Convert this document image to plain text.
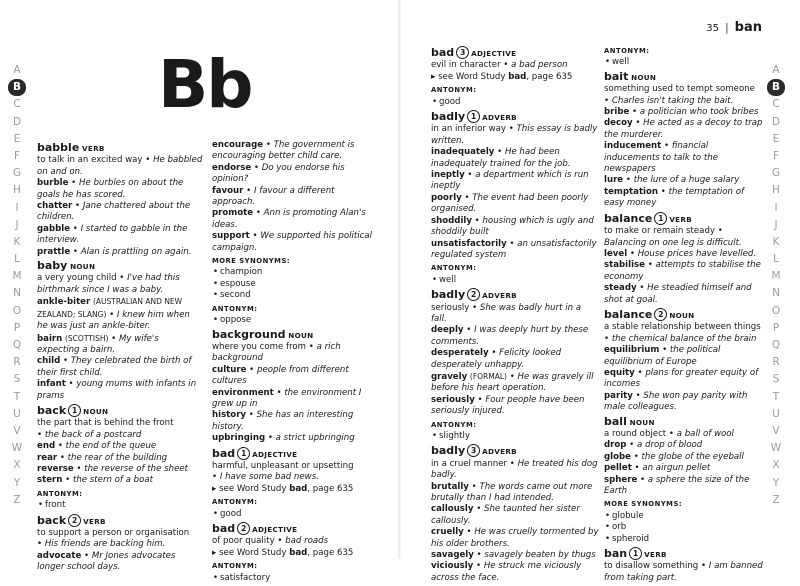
A
B
C
D
E
F
G
H
I
J
K
L
M
N
O
P
Q
R
S
T
U
V
W
X
Y
Z
A
B
C
D
E
F
G
H
I
J
K
L
M
N
O
P
Q
R
S
T
U
V
W
X
Y
Z
Bb
35 | ban
babble VERB
to talk in an excited way • He babbled on and on.
burble • He burbles on about the goals he has scored.
chatter • Jane chattered about the children.
gabble • I started to gabble in the interview.
prattle • Alan is prattling on again.
baby NOUN
a very young child • I've had this birthmark since I was a baby.
ankle-biter (AUSTRALIAN AND NEW ZEALAND; SLANG) • I knew him when he was just an ankle-biter.
bairn (SCOTTISH) • My wife's expecting a bairn.
child • They celebrated the birth of their first child.
infant • young mums with infants in prams
back 1 NOUN
the part that is behind the front
• the back of a postcard
end • the end of the queue
rear • the rear of the building
reverse • the reverse of the sheet
stern • the stern of a boat
ANTONYM:
• front
back 2 VERB
to support a person or organisation
• His friends are backing him.
advocate • Mr Jones advocates longer school days.
encourage • The government is encouraging better child care.
endorse • Do you endorse his opinion?
favour • I favour a different approach.
promote • Ann is promoting Alan's ideas.
support • We supported his political campaign.
MORE SYNONYMS:
• champion
• espouse
• second
ANTONYM:
• oppose
background NOUN
where you come from • a rich background
culture • people from different cultures
environment • the environment I grew up in
history • She has an interesting history.
upbringing • a strict upbringing
bad 1 ADJECTIVE
harmful, unpleasant or upsetting
• I have some bad news.
▸ see Word Study bad, page 635
ANTONYM:
• good
bad 2 ADJECTIVE
of poor quality • bad roads
▸ see Word Study bad, page 635
ANTONYM:
• satisfactory
bad 3 ADJECTIVE
evil in character • a bad person
▸ see Word Study bad, page 635
ANTONYM:
• good
badly 1 ADVERB
in an inferior way • This essay is badly written.
inadequately • He had been inadequately trained for the job.
ineptly • a department which is run ineptly
poorly • The event had been poorly organised.
shoddily • housing which is ugly and shoddily built
unsatisfactorily • an unsatisfactorily regulated system
ANTONYM:
• well
badly 2 ADVERB
seriously • She was badly hurt in a fall.
deeply • I was deeply hurt by these comments.
desperately • Felicity looked desperately unhappy.
gravely (FORMAL) • He was gravely ill before his heart operation.
seriously • Four people have been seriously injured.
ANTONYM:
• slightly
badly 3 ADVERB
in a cruel manner • He treated his dog badly.
brutally • The words came out more brutally than I had intended.
callously • She taunted her sister callously.
cruelly • He was cruelly tormented by his older brothers.
savagely • savagely beaten by thugs
viciously • He struck me viciously across the face.
ANTONYM:
• well
bait NOUN
something used to tempt someone
• Charles isn't taking the bait.
bribe • a politician who took bribes
decoy • He acted as a decoy to trap the murderer.
inducement • financial inducements to talk to the newspapers
lure • the lure of a huge salary
temptation • the temptation of easy money
balance 1 VERB
to make or remain steady • Balancing on one leg is difficult.
level • House prices have levelled.
stabilise • attempts to stabilise the economy
steady • He steadied himself and shot at goal.
balance 2 NOUN
a stable relationship between things
• the chemical balance of the brain
equilibrium • the political equilibrium of Europe
equity • plans for greater equity of incomes
parity • She won pay parity with male colleagues.
ball NOUN
a round object • a ball of wool
drop • a drop of blood
globe • the globe of the eyeball
pellet • an airgun pellet
sphere • a sphere the size of the Earth
MORE SYNONYMS:
• globule
• orb
• spheroid
ban 1 VERB
to disallow something • I am banned from taking part.
